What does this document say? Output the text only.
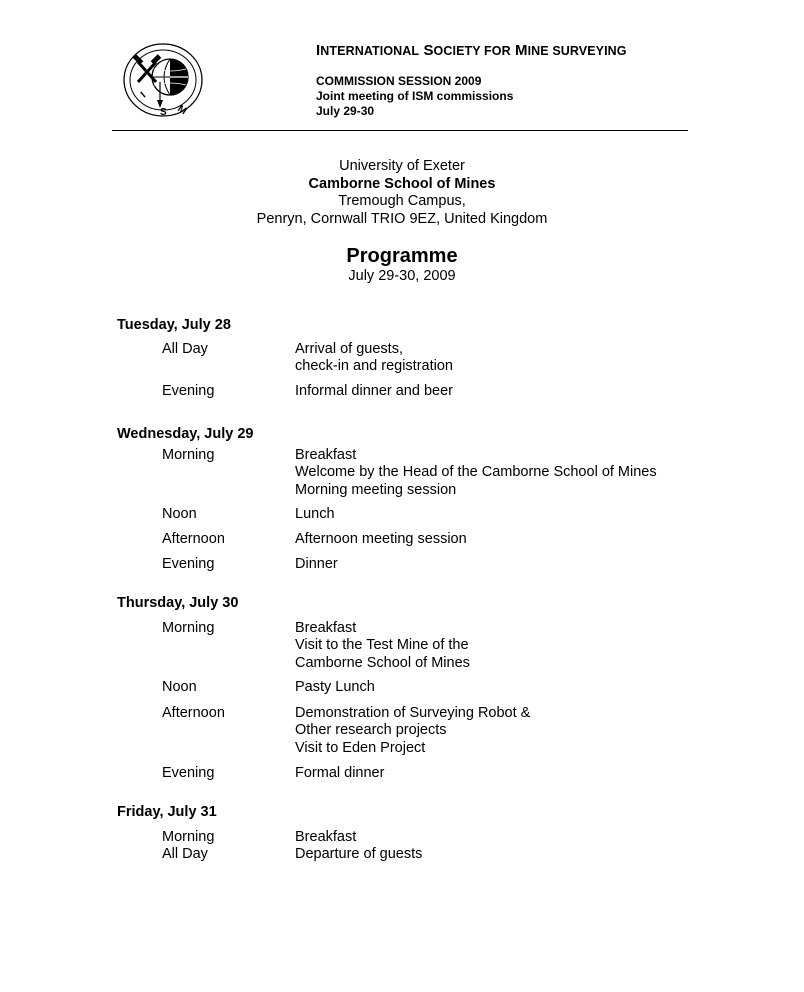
I
S M
INTERNATIONAL SOCIETY FOR MINE SURVEYING
COMMISSION SESSION 2009
Joint meeting of ISM commissions
July 29-30
University of Exeter
Camborne School of Mines
Tremough Campus,
Penryn, Cornwall TRIO 9EZ, United Kingdom
Programme
July 29-30, 2009
Tuesday, July 28
All Day	Arrival of guests,
check-in and registration
Evening	Informal dinner and beer
Wednesday, July 29
Morning	Breakfast
Welcome by the Head of the Camborne School of Mines
Morning meeting session
Noon	Lunch
Afternoon	Afternoon meeting session
Evening	Dinner
Thursday, July 30
Morning	Breakfast
Visit to the Test Mine of the
Camborne School of Mines
Noon	Pasty Lunch
Afternoon	Demonstration of Surveying Robot &
Other research projects
Visit to Eden Project
Evening	Formal dinner
Friday, July 31
Morning	Breakfast
All Day	Departure of guests
